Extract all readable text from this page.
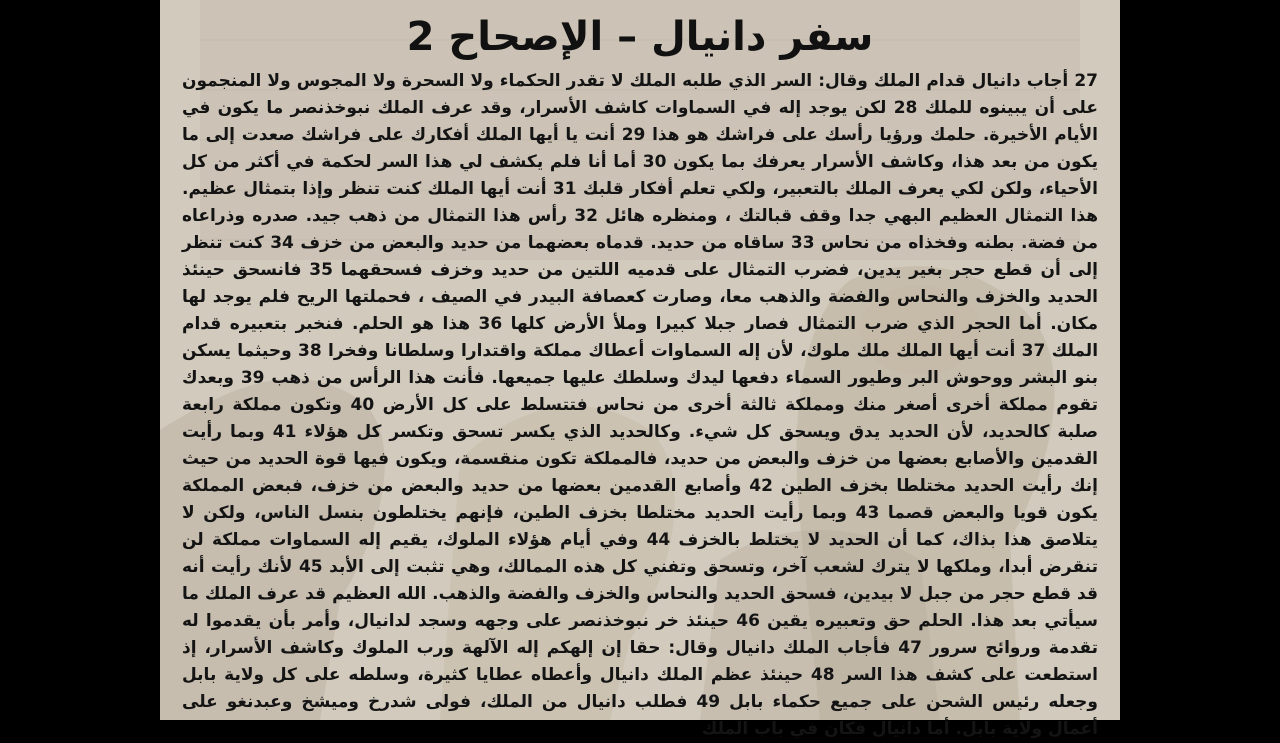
سفر دانيال – الإصحاح 2

27 أجاب دانيال قدام الملك وقال: السر الذي طلبه الملك لا تقدر الحكماء ولا السحرة ولا المجوس ولا المنجمون على أن يبينوه للملك 28 لكن يوجد إله في السماوات كاشف الأسرار، وقد عرف الملك نبوخذنصر ما يكون في الأيام الأخيرة. حلمك ورؤيا رأسك على فراشك هو هذا 29 أنت يا أيها الملك أفكارك على فراشك صعدت إلى ما يكون من بعد هذا، وكاشف الأسرار يعرفك بما يكون 30 أما أنا فلم يكشف لي هذا السر لحكمة في أكثر من كل الأحياء، ولكن لكي يعرف الملك بالتعبير، ولكي تعلم أفكار قلبك 31 أنت أيها الملك كنت تنظر وإذا بتمثال عظيم. هذا التمثال العظيم البهي جدا وقف قبالتك ، ومنظره هائل 32 رأس هذا التمثال من ذهب جيد. صدره وذراعاه من فضة. بطنه وفخذاه من نحاس 33 ساقاه من حديد. قدماه بعضهما من حديد والبعض من خزف 34 كنت تنظر إلى أن قطع حجر بغير يدين، فضرب التمثال على قدميه اللتين من حديد وخزف فسحقهما 35 فانسحق حينئذ الحديد والخزف والنحاس والفضة والذهب معا، وصارت كعصافة البيدر في الصيف ، فحملتها الريح فلم يوجد لها مكان. أما الحجر الذي ضرب التمثال فصار جبلا كبيرا وملأ الأرض كلها 36 هذا هو الحلم. فنخبر بتعبيره قدام الملك 37 أنت أيها الملك ملك ملوك، لأن إله السماوات أعطاك مملكة واقتدارا وسلطانا وفخرا 38 وحيثما يسكن بنو البشر ووحوش البر وطيور السماء دفعها ليدك وسلطك عليها جميعها. فأنت هذا الرأس من ذهب 39 وبعدك تقوم مملكة أخرى أصغر منك ومملكة ثالثة أخرى من نحاس فتتسلط على كل الأرض 40 وتكون مملكة رابعة صلبة كالحديد، لأن الحديد يدق ويسحق كل شيء. وكالحديد الذي يكسر تسحق وتكسر كل هؤلاء 41 وبما رأيت القدمين والأصابع بعضها من خزف والبعض من حديد، فالمملكة تكون منقسمة، ويكون فيها قوة الحديد من حيث إنك رأيت الحديد مختلطا بخزف الطين 42 وأصابع القدمين بعضها من حديد والبعض من خزف، فبعض المملكة يكون قويا والبعض قصما 43 وبما رأيت الحديد مختلطا بخزف الطين، فإنهم يختلطون بنسل الناس، ولكن لا يتلاصق هذا بذاك، كما أن الحديد لا يختلط بالخزف 44 وفي أيام هؤلاء الملوك، يقيم إله السماوات مملكة لن تنقرض أبدا، وملكها لا يترك لشعب آخر، وتسحق وتفني كل هذه الممالك، وهي تثبت إلى الأبد 45 لأنك رأيت أنه قد قطع حجر من جبل لا بيدين، فسحق الحديد والنحاس والخزف والفضة والذهب. الله العظيم قد عرف الملك ما سيأتي بعد هذا. الحلم حق وتعبيره يقين 46 حينئذ خر نبوخذنصر على وجهه وسجد لدانيال، وأمر بأن يقدموا له تقدمة وروائح سرور 47 فأجاب الملك دانيال وقال: حقا إن إلهكم إله الآلهة ورب الملوك وكاشف الأسرار، إذ استطعت على كشف هذا السر 48 حينئذ عظم الملك دانيال وأعطاه عطايا كثيرة، وسلطه على كل ولاية بابل وجعله رئيس الشحن على جميع حكماء بابل 49 فطلب دانيال من الملك، فولى شدرخ وميشخ وعبدنغو على أعمال ولاية بابل. أما دانيال فكان في باب الملك
